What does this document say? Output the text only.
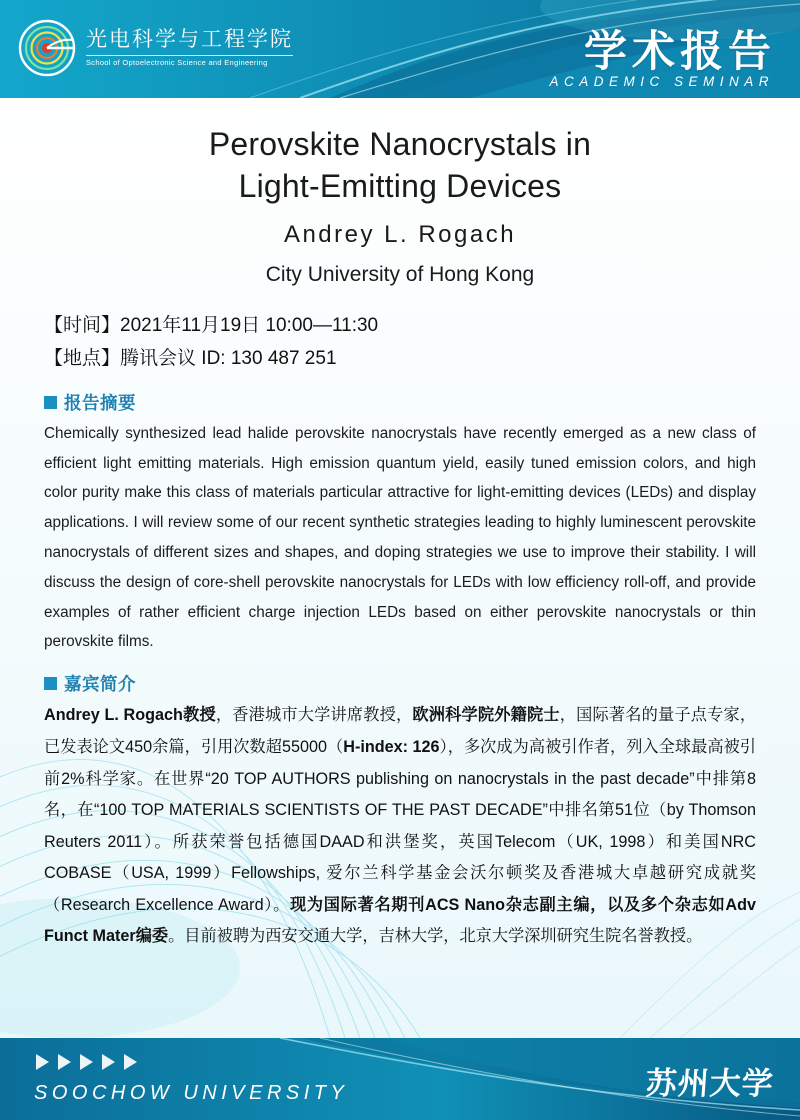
光电科学与工程学院
School of Optoelectronic Science and Engineering	学术报告
ACADEMIC SEMINAR
Perovskite Nanocrystals in
Light-Emitting Devices
Andrey L. Rogach
City University of Hong Kong
【时间】2021年11月19日 10:00—11:30
【地点】腾讯会议 ID: 130 487 251
报告摘要
Chemically synthesized lead halide perovskite nanocrystals have recently emerged as a new class of efficient light emitting materials. High emission quantum yield, easily tuned emission colors, and high color purity make this class of materials particular attractive for light-emitting devices (LEDs) and display applications. I will review some of our recent synthetic strategies leading to highly luminescent perovskite nanocrystals of different sizes and shapes, and doping strategies we use to improve their stability. I will discuss the design of core-shell perovskite nanocrystals for LEDs with low efficiency roll-off, and provide examples of rather efficient charge injection LEDs based on either perovskite nanocrystals or thin perovskite films.
嘉宾简介
Andrey L. Rogach教授，香港城市大学讲席教授，欧洲科学院外籍院士，国际著名的量子点专家，已发表论文450余篇，引用次数超55000（H-index: 126），多次成为高被引作者，列入全球最高被引前2%科学家。在世界“20 TOP AUTHORS publishing on nanocrystals in the past decade”中排第8名，在“100 TOP MATERIALS SCIENTISTS OF THE PAST DECADE”中排名第51位（by Thomson Reuters 2011）。所获荣誉包括德国DAAD和洪堡奖，英国Telecom（UK, 1998）和美国NRC COBASE（USA, 1999）Fellowships, 爱尔兰科学基金会沃尔顿奖及香港城大卓越研究成就奖（Research Excellence Award）。现为国际著名期刊ACS Nano杂志副主编，以及多个杂志如Adv Funct Mater编委。目前被聘为西安交通大学，吉林大学，北京大学深圳研究生院名誉教授。
SOOCHOW UNIVERSITY	苏州大学
